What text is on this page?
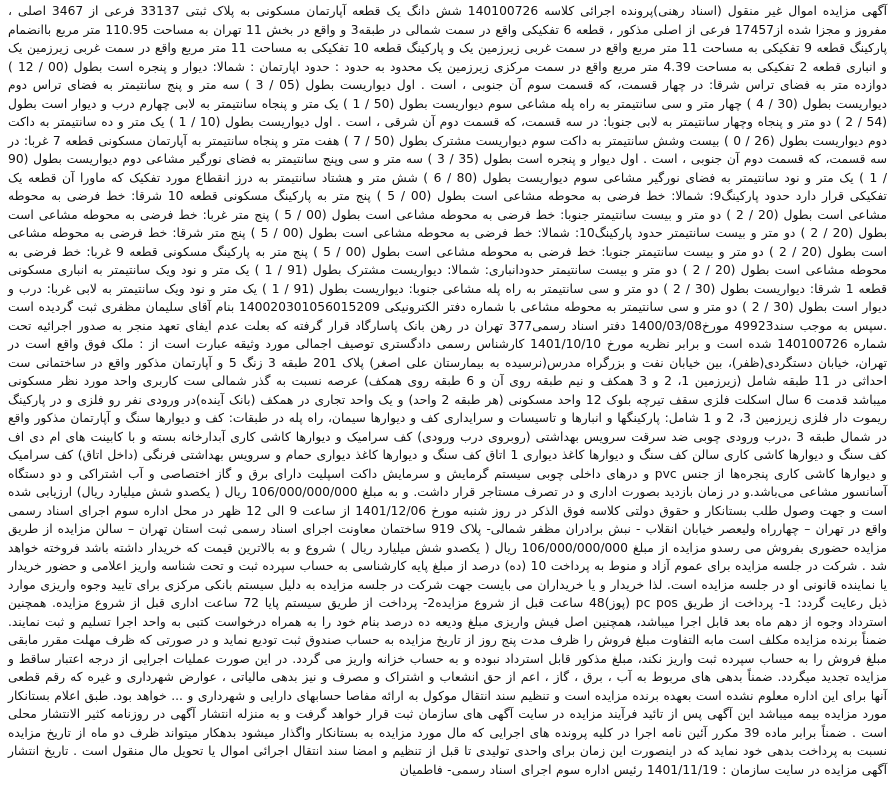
آگهی مزایده اموال غیر منقول (اسناد رهنی)پرونده اجرائی کلاسه 140100726 شش دانگ یک قطعه آپارتمان مسکونی به پلاک ثبتی 33137 فرعی از 3467 اصلی ، مفروز و مجزا شده از17457 فرعی از اصلی مذکور ، قطعه 6 تفکیکی واقع در سمت شمالی در طبقه3 و واقع در بخش 11 تهران به مساحت 110.95 متر مربع باانضمام پارکینگ قطعه 9 تفکیکی به مساحت 11 متر مربع واقع در سمت غربی زیرزمین یک و پارکینگ قطعه 10 تفکیکی به مساحت 11 متر مربع واقع در سمت غربی زیرزمین یک و انباری قطعه 2 تفکیکی به مساحت 4.39 متر مربع واقع در سمت مرکزی زیرزمین یک محدود به حدود : حدود اپارتمان : شمالا: دیوار و پنجره است بطول (00 / 12 ) دوازده متر به فضای تراس شرقا: در چهار قسمت، که قسمت سوم آن جنوبی ، است . اول دیواریست بطول (05 / 3 ) سه متر و پنج سانتیمتر به فضای تراس دوم دیواریست بطول (30 / 4 ) چهار متر و سی سانتیمتر به راه پله مشاعی سوم دیواریست بطول (50 / 1 ) یک متر و پنجاه سانتیمتر به لابی چهارم درب و دیوار است بطول (54 / 2 ) دو متر و پنجاه وچهار سانتیمتر به لابی جنوبا: در سه قسمت، که قسمت دوم آن شرقی ، است . اول دیواریست بطول (10 / 1 ) یک متر و ده سانتیمتر به داکت دوم دیواریست بطول (26 / 0 ) بیست وشش سانتیمتر به داکت سوم دیواریست مشترک بطول (50 / 7 ) هفت متر و پنجاه سانتیمتر به آپارتمان مسکونی قطعه 7 غربا: در سه قسمت، که قسمت دوم آن جنوبی ، است . اول دیوار و پنجره است بطول (35 / 3 ) سه متر و سی وپنج سانتیمتر به فضای نورگیر مشاعی دوم دیواریست بطول (90 / 1 ) یک متر و نود سانتیمتر به فضای نورگیر مشاعی سوم دیواریست بطول (80 / 6 ) شش متر و هشتاد سانتیمتر به درز انقطاع مورد تفکیک که ماورا آن قطعه یک تفکیکی قرار دارد حدود پارکینگ9: شمالا: خط فرضی به محوطه مشاعی است بطول (00 / 5 ) پنج متر به پارکینگ مسکونی قطعه 10 شرقا: خط فرضی به محوطه مشاعی است بطول (20 / 2 ) دو متر و بیست سانتیمتر جنوبا: خط فرضی به محوطه مشاعی است بطول (00 / 5 ) پنج متر غربا: خط فرضی به محوطه مشاعی است بطول (20 / 2 ) دو متر و بیست سانتیمتر حدود پارکینگ10: شمالا: خط فرضی به محوطه مشاعی است بطول (00 / 5 ) پنج متر شرقا: خط فرضی به محوطه مشاعی است بطول (20 / 2 ) دو متر و بیست سانتیمتر جنوبا: خط فرضی به محوطه مشاعی است بطول (00 / 5 ) پنج متر به پارکینگ مسکونی قطعه 9 غربا: خط فرضی به محوطه مشاعی است بطول (20 / 2 ) دو متر و بیست سانتیمتر حدودانباری: شمالا: دیواریست مشترک بطول (91 / 1 ) یک متر و نود ویک سانتیمتر به انباری مسکونی قطعه 1 شرقا: دیواریست بطول (30 / 2 ) دو متر و سی سانتیمتر به راه پله مشاعی جنوبا: دیواریست بطول (91 / 1 ) یک متر و نود ویک سانتیمتر به لابی غربا: درب و دیوار است بطول (30 / 2 ) دو متر و سی سانتیمتر به محوطه مشاعی با شماره دفتر الکترونیکی 140020301056015209 بنام آقای سلیمان مظفری ثبت گردیده است .سپس به موجب سند49923 مورخ1400/03/08 دفتر اسناد رسمی377 تهران در رهن بانک پاسارگاد قرار گرفته که بعلت عدم ایفای تعهد منجر به صدور اجرائیه تحت شماره 140100726 شده است و برابر نظریه مورخ 1401/10/10 کارشناس رسمی دادگستری توصیف اجمالی مورد وثیقه عبارت است از : ملک فوق واقع است در تهران، خیابان دستگردی(ظفر)، بین خیابان نفت و بزرگراه مدرس(نرسیده به بیمارستان علی اصغر) پلاک 201 طبقه 3 زنگ 5 و آپارتمان مذکور واقع در ساختمانی ست احداثی در 11 طبقه شامل (زیرزمین 1، 2 و 3 همکف و نیم طبقه روی آن و 6 طبقه روی همکف) عرصه نسبت به گذر شمالی ست کاربری واحد مورد نظر مسکونی میباشد قدمت 6 سال اسکلت فلزی سقف تیرچه بلوک 12 واحد مسکونی (هر طبقه 2 واحد) و یک واحد تجاری در همکف (بانک آینده)در ورودی نفر رو فلزی و در پارکینگ ریموت دار فلزی زیرزمین 3، 2 و 1 شامل: پارکینگها و انبارها و تاسیسات و سرایداری کف و دیوارها سیمان، راه پله در طبقات: کف و دیوارها سنگ و آپارتمان مذکور واقع در شمال طبقه 3 ،درب ورودی چوبی ضد سرقت سرویس بهداشتی (روبروی درب ورودی) کف سرامیک و دیوارها کاشی کاری آبدارخانه بسته و با کابینت های ام دی اف کف سنگ و دیوارها کاشی کاری سالن کف سنگ و دیوارها کاغذ دیواری 1 اتاق کف سنگ و دیوارها کاغذ دیواری حمام و سرویس بهداشتی فرنگی (داخل اتاق) کف سرامیک و دیوارها کاشی کاری پنجره‌ها از جنس pvc و درهای داخلی چوبی سیستم گرمایش و سرمایش داکت اسپلیت دارای برق و گاز اختصاصی و آب اشتراکی و دو دستگاه آسانسور مشاعی می‌باشد.و در زمان بازدید بصورت اداری و در تصرف مستاجر قرار داشت. و به مبلغ 106/000/000/000 ریال ( یکصدو شش میلیارد ریال) ارزیابی شده است و جهت وصول طلب بستانکار و حقوق دولتی کلاسه فوق الذکر در روز شنبه مورخ 1401/12/06 از ساعت 9 الی 12 ظهر در محل اداره سوم اجرای اسناد رسمی واقع در تهران – چهارراه ولیعصر خیابان انقلاب - نبش برادران مظفر شمالی- پلاک 919 ساختمان معاونت اجرای اسناد رسمی ثبت استان تهران – سالن مزایده از طریق مزایده حضوری بفروش می رسدو مزایده از مبلغ 106/000/000/000 ریال ( یکصدو شش میلیارد ریال ) شروع و به بالاترین قیمت که خریدار داشته باشد فروخته خواهد شد . شرکت در جلسه مزایده برای عموم آزاد و منوط به پرداخت 10 (ده) درصد از مبلغ پایه کارشناسی به حساب سپرده ثبت و تحت شناسه واریز اعلامی و حضور خریدار یا نماینده قانونی او در جلسه مزایده است. لذا خریدار و یا خریداران می بایست جهت شرکت در جلسه مزایده به دلیل سیستم بانکی مرکزی برای تایید وجوه واریزی موارد ذیل رعایت گردد: 1- پرداخت از طریق pc pos (پوز)48 ساعت قبل از شروع مزایده2- پرداخت از طریق سیستم پایا 72 ساعت اداری قبل از شروع مزایده. همچنین استرداد وجوه از دهم ماه بعد قابل اجرا میباشد، همچنین اصل فیش واریزی مبلغ ودیعه ده درصد بنام خود را به همراه درخواست کتبی به واحد اجرا تسلیم و ثبت نمایند. ضمناً برنده مزایده مکلف است مابه التفاوت مبلغ فروش را ظرف مدت پنج روز از تاریخ مزایده به حساب صندوق ثبت تودیع نماید و در صورتی که ظرف مهلت مقرر مابقی مبلغ فروش را به حساب سپرده ثبت واریز نکند، مبلغ مذکور قابل استرداد نبوده و به حساب خزانه واریز می گردد. در این صورت عملیات اجرایی از درجه اعتبار ساقط و مزایده تجدید میگردد. ضمناً بدهی های مربوط به آب ، برق ، گاز ، اعم از حق انشعاب و اشتراک و مصرف و نیز بدهی مالیاتی ، عوارض شهرداری و غیره که رقم قطعی آنها برای این اداره معلوم نشده است بعهده برنده مزایده است و تنظیم سند انتقال موکول به ارائه مفاصا حسابهای دارایی و شهرداری و ... خواهد بود. طبق اعلام بستانکار مورد مزایده بیمه میباشد این آگهی پس از تائید فرآیند مزایده در سایت آگهی های سازمان ثبت قرار خواهد گرفت و به منزله انتشار آگهی در روزنامه کثیر الانتشار محلی است . ضمناً برابر ماده 39 مکرر آئین نامه اجرا در کلیه پرونده های اجرایی که مال مورد مزایده به بستانکار واگذار میشود بدهکار میتواند ظرف دو ماه از تاریخ مزایده نسبت به پرداخت بدهی خود نماید که در اینصورت این زمان برای واحدی تولیدی تا قبل از تنظیم و امضا سند انتقال اجرائی اموال یا تحویل مال منقول است . تاریخ انتشار آگهی مزایده در سایت سازمان : 1401/11/19 رئیس اداره سوم اجرای اسناد رسمی- فاطمیان
